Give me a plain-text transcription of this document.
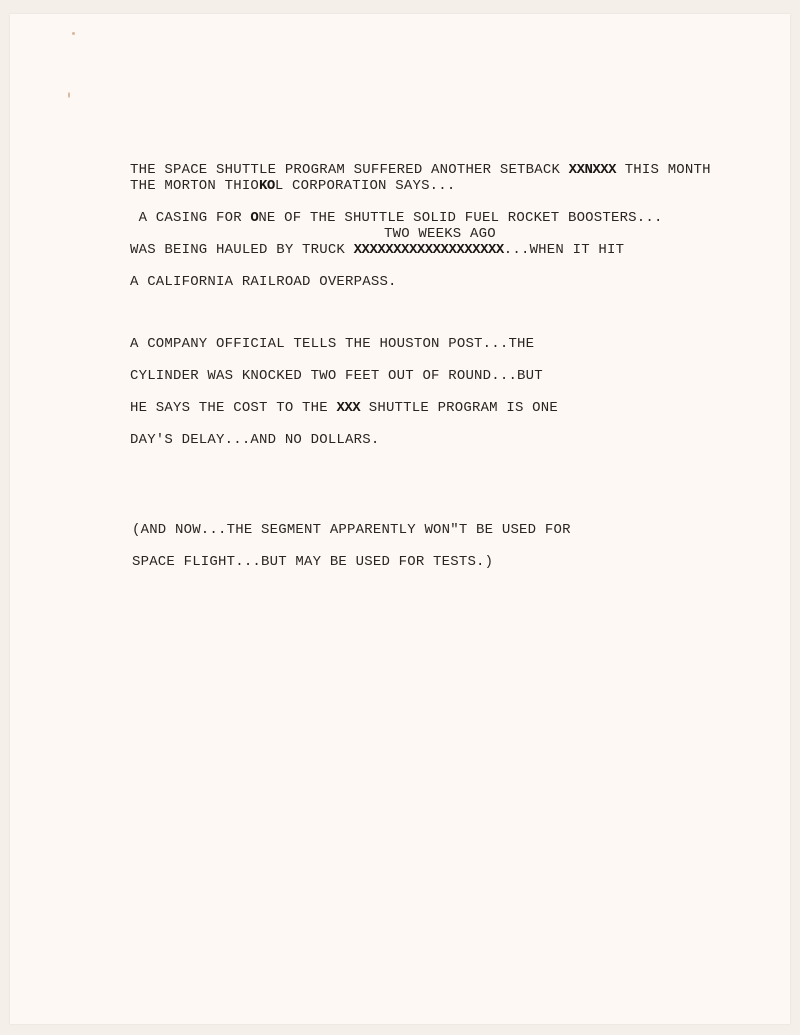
THE SPACE SHUTTLE PROGRAM SUFFERED ANOTHER SETBACK XXNXXX THIS MONTH
THE MORTON THIOKOL CORPORATION SAYS...
A CASING FOR ONE OF THE SHUTTLE SOLID FUEL ROCKET BOOSTERS...
TWO WEEKS AGO
WAS BEING HAULED BY TRUCK XXXXXXXXXXXXXXXXXXX...WHEN IT HIT
A CALIFORNIA RAILROAD OVERPASS.
A COMPANY OFFICIAL TELLS THE HOUSTON POST...THE
CYLINDER WAS KNOCKED TWO FEET OUT OF ROUND...BUT
HE SAYS THE COST TO THE XXX SHUTTLE PROGRAM IS ONE
DAY'S DELAY...AND NO DOLLARS.
(AND NOW...THE SEGMENT APPARENTLY WON"T BE USED FOR
SPACE FLIGHT...BUT MAY BE USED FOR TESTS.)
